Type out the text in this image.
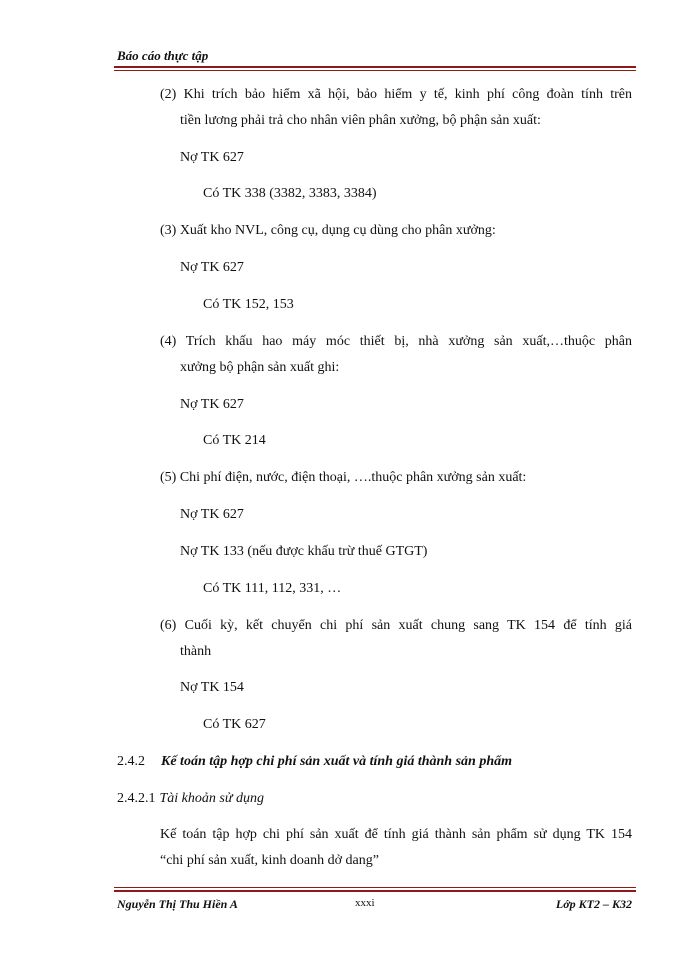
Báo cáo thực tập
(2) Khi trích bảo hiểm xã hội, bảo hiểm y tế, kinh phí công đoàn tính trên
tiền lương phải trả cho nhân viên phân xưởng, bộ phận sản xuất:
Nợ TK 627
Có TK 338 (3382, 3383, 3384)
(3) Xuất kho NVL, công cụ, dụng cụ dùng cho phân xưởng:
Nợ TK 627
Có TK 152, 153
(4) Trích khấu hao máy móc thiết bị, nhà xưởng sản xuất,…thuộc phân
xưởng bộ phận sản xuất ghi:
Nợ TK 627
Có TK 214
(5) Chi phí điện, nước, điện thoại, ….thuộc phân xưởng sản xuất:
Nợ TK 627
Nợ TK 133 (nếu được khấu trừ thuế GTGT)
Có TK 111, 112, 331, …
(6) Cuối kỳ, kết chuyển chi phí sản xuất chung sang TK 154 để tính giá
thành
Nợ TK 154
Có TK 627
2.4.2 Kế toán tập hợp chi phí sản xuất và tính giá thành sản phẩm
2.4.2.1 Tài khoản sử dụng
Kế toán tập hợp chi phí sản xuất để tính giá thành sản phẩm sử dụng TK 154
“chi phí sản xuất, kinh doanh dở dang”
Nguyễn Thị Thu Hiền A	xxxi	Lớp KT2 – K32
